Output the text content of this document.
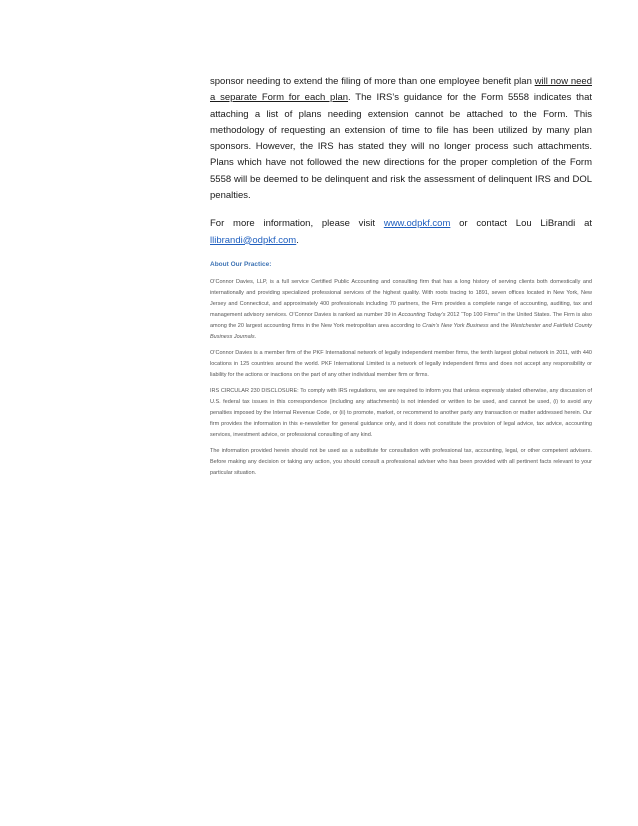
sponsor needing to extend the filing of more than one employee benefit plan will now need a separate Form for each plan. The IRS’s guidance for the Form 5558 indicates that attaching a list of plans needing extension cannot be attached to the Form. This methodology of requesting an extension of time to file has been utilized by many plan sponsors. However, the IRS has stated they will no longer process such attachments. Plans which have not followed the new directions for the proper completion of the Form 5558 will be deemed to be delinquent and risk the assessment of delinquent IRS and DOL penalties.

For more information, please visit www.odpkf.com or contact Lou LiBrandi at llibrandi@odpkf.com.

About Our Practice:

O’Connor Davies, LLP, is a full service Certified Public Accounting and consulting firm that has a long history of serving clients both domestically and internationally and providing specialized professional services of the highest quality. With roots tracing to 1891, seven offices located in New York, New Jersey and Connecticut, and approximately 400 professionals including 70 partners, the Firm provides a complete range of accounting, auditing, tax and management advisory services. O’Connor Davies is ranked as number 39 in Accounting Today’s 2012 “Top 100 Firms” in the United States. The Firm is also among the 20 largest accounting firms in the New York metropolitan area according to Crain’s New York Business and the Westchester and Fairfield County Business Journals.

O’Connor Davies is a member firm of the PKF International network of legally independent member firms, the tenth largest global network in 2011, with 440 locations in 125 countries around the world. PKF International Limited is a network of legally independent firms and does not accept any responsibility or liability for the actions or inactions on the part of any other individual member firm or firms.

IRS CIRCULAR 230 DISCLOSURE: To comply with IRS regulations, we are required to inform you that unless expressly stated otherwise, any discussion of U.S. federal tax issues in this correspondence (including any attachments) is not intended or written to be used, and cannot be used, (i) to avoid any penalties imposed by the Internal Revenue Code, or (ii) to promote, market, or recommend to another party any transaction or matter addressed herein. Our firm provides the information in this e-newsletter for general guidance only, and it does not constitute the provision of legal advice, tax advice, accounting services, investment advice, or professional consulting of any kind.

The information provided herein should not be used as a substitute for consultation with professional tax, accounting, legal, or other competent advisers. Before making any decision or taking any action, you should consult a professional adviser who has been provided with all pertinent facts relevant to your particular situation.
